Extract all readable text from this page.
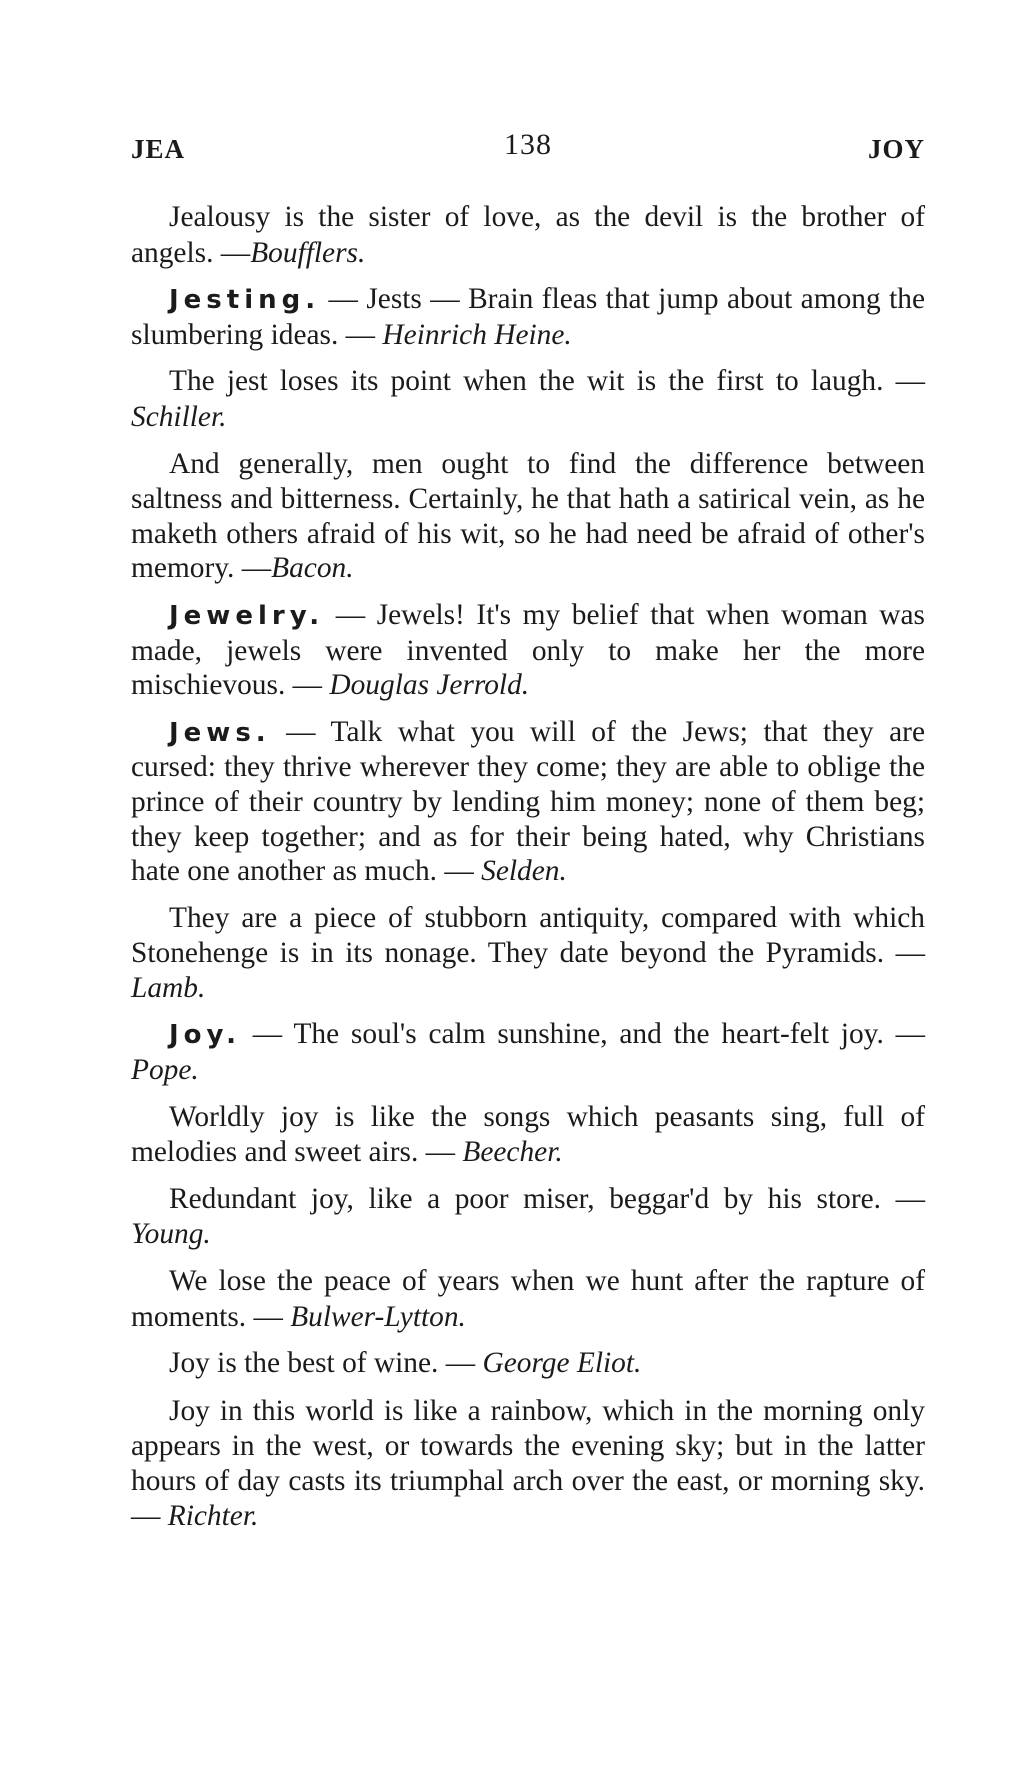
JEA	138	JOY

Jealousy is the sister of love, as the devil is the brother of angels. —Boufflers.

Jesting. — Jests — Brain fleas that jump about among the slumbering ideas. — Heinrich Heine.

The jest loses its point when the wit is the first to laugh. — Schiller.

And generally, men ought to find the difference between saltness and bitterness. Certainly, he that hath a satirical vein, as he maketh others afraid of his wit, so he had need be afraid of other's memory. —Bacon.

Jewelry. — Jewels! It's my belief that when woman was made, jewels were invented only to make her the more mischievous. — Douglas Jerrold.

Jews. — Talk what you will of the Jews; that they are cursed: they thrive wherever they come; they are able to oblige the prince of their country by lending him money; none of them beg; they keep together; and as for their being hated, why Christians hate one another as much. — Selden.

They are a piece of stubborn antiquity, compared with which Stonehenge is in its nonage. They date beyond the Pyramids. —Lamb.

Joy. — The soul's calm sunshine, and the heart-felt joy. — Pope.

Worldly joy is like the songs which peasants sing, full of melodies and sweet airs. — Beecher.

Redundant joy, like a poor miser, beggar'd by his store. — Young.

We lose the peace of years when we hunt after the rapture of moments. — Bulwer-Lytton.

Joy is the best of wine. — George Eliot.

Joy in this world is like a rainbow, which in the morning only appears in the west, or towards the evening sky; but in the latter hours of day casts its triumphal arch over the east, or morning sky. — Richter.
